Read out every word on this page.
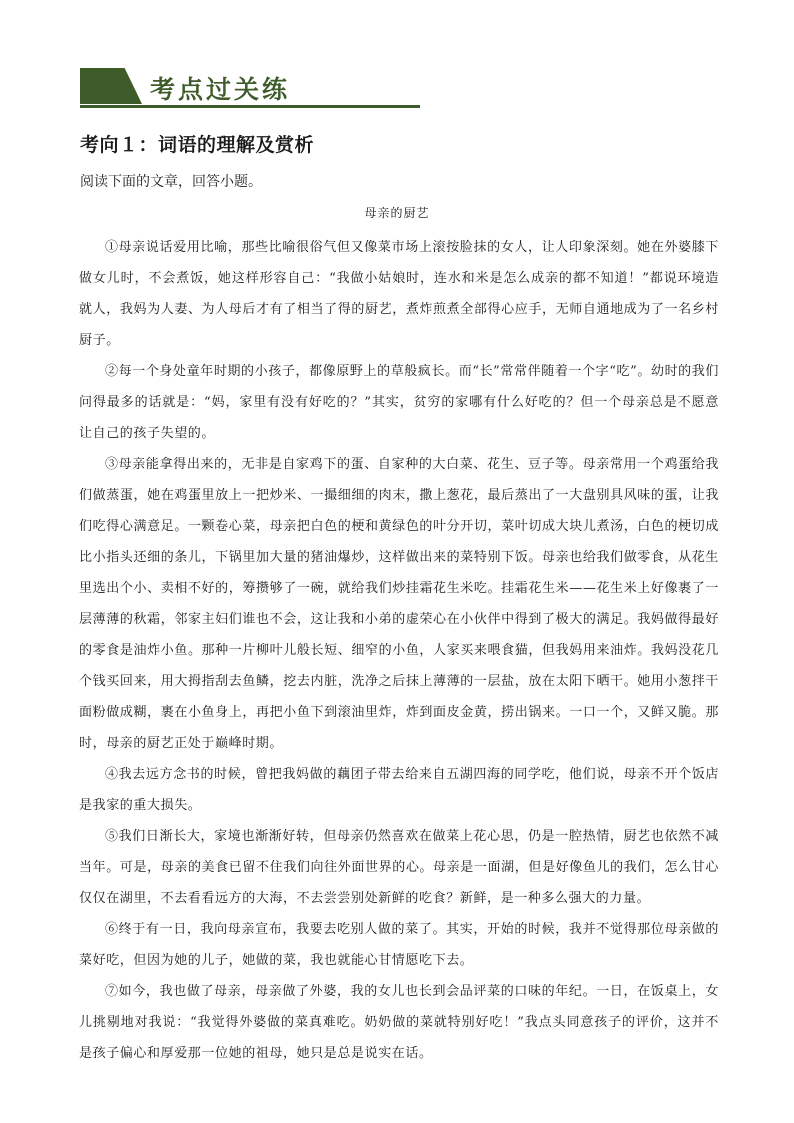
考点过关练
考向１：词语的理解及赏析
阅读下面的文章，回答小题。
母亲的厨艺

①母亲说话爱用比喻，那些比喻很俗气但又像菜市场上滚按脸抹的女人，让人印象深刻。她在外婆膝下做女儿时，不会煮饭，她这样形容自己：“我做小姑娘时，连水和米是怎么成亲的都不知道！”都说环境造就人，我妈为人妻、为人母后才有了相当了得的厨艺，煮炸煎煮全部得心应手，无师自通地成为了一名乡村厨子。

②每一个身处童年时期的小孩子，都像原野上的草般疯长。而“长”常常伴随着一个字“吃”。幼时的我们问得最多的话就是：“妈，家里有没有好吃的？”其实，贫穷的家哪有什么好吃的？但一个母亲总是不愿意让自己的孩子失望的。

③母亲能拿得出来的，无非是自家鸡下的蛋、自家种的大白菜、花生、豆子等。母亲常用一个鸡蛋给我们做蒸蛋，她在鸡蛋里放上一把炒米、一撮细细的肉末，撒上葱花，最后蒸出了一大盘别具风味的蛋，让我们吃得心满意足。一颗卷心菜，母亲把白色的梗和黄绿色的叶分开切，菜叶切成大块儿煮汤，白色的梗切成比小指头还细的条儿，下锅里加大量的猪油爆炒，这样做出来的菜特别下饭。母亲也给我们做零食，从花生里选出个小、卖相不好的，筹攒够了一碗，就给我们炒挂霜花生米吃。挂霜花生米——花生米上好像裹了一层薄薄的秋霜，邻家主妇们谁也不会，这让我和小弟的虚荣心在小伙伴中得到了极大的满足。我妈做得最好的零食是油炸小鱼。那种一片柳叶儿般长短、细窄的小鱼，人家买来喂食猫，但我妈用来油炸。我妈没花几个钱买回来，用大拇指刮去鱼鳞，挖去内脏，洗净之后抹上薄薄的一层盐，放在太阳下晒干。她用小葱拌干面粉做成糊，裹在小鱼身上，再把小鱼下到滚油里炸，炸到面皮金黄，捞出锅来。一口一个，又鲜又脆。那时，母亲的厨艺正处于巅峰时期。

④我去远方念书的时候，曾把我妈做的藕团子带去给来自五湖四海的同学吃，他们说，母亲不开个饭店是我家的重大损失。

⑤我们日渐长大，家境也渐渐好转，但母亲仍然喜欢在做菜上花心思，仍是一腔热情，厨艺也依然不减当年。可是，母亲的美食已留不住我们向往外面世界的心。母亲是一面湖，但是好像鱼儿的我们，怎么甘心仅仅在湖里，不去看看远方的大海，不去尝尝别处新鲜的吃食？新鲜，是一种多么强大的力量。

⑥终于有一日，我向母亲宣布，我要去吃别人做的菜了。其实，开始的时候，我并不觉得那位母亲做的菜好吃，但因为她的儿子，她做的菜，我也就能心甘情愿吃下去。

⑦如今，我也做了母亲，母亲做了外婆，我的女儿也长到会品评菜的口味的年纪。一日，在饭桌上，女儿挑剔地对我说：“我觉得外婆做的菜真难吃。奶奶做的菜就特别好吃！”我点头同意孩子的评价，这并不是孩子偏心和厚爱那一位她的祖母，她只是总是说实在话。
